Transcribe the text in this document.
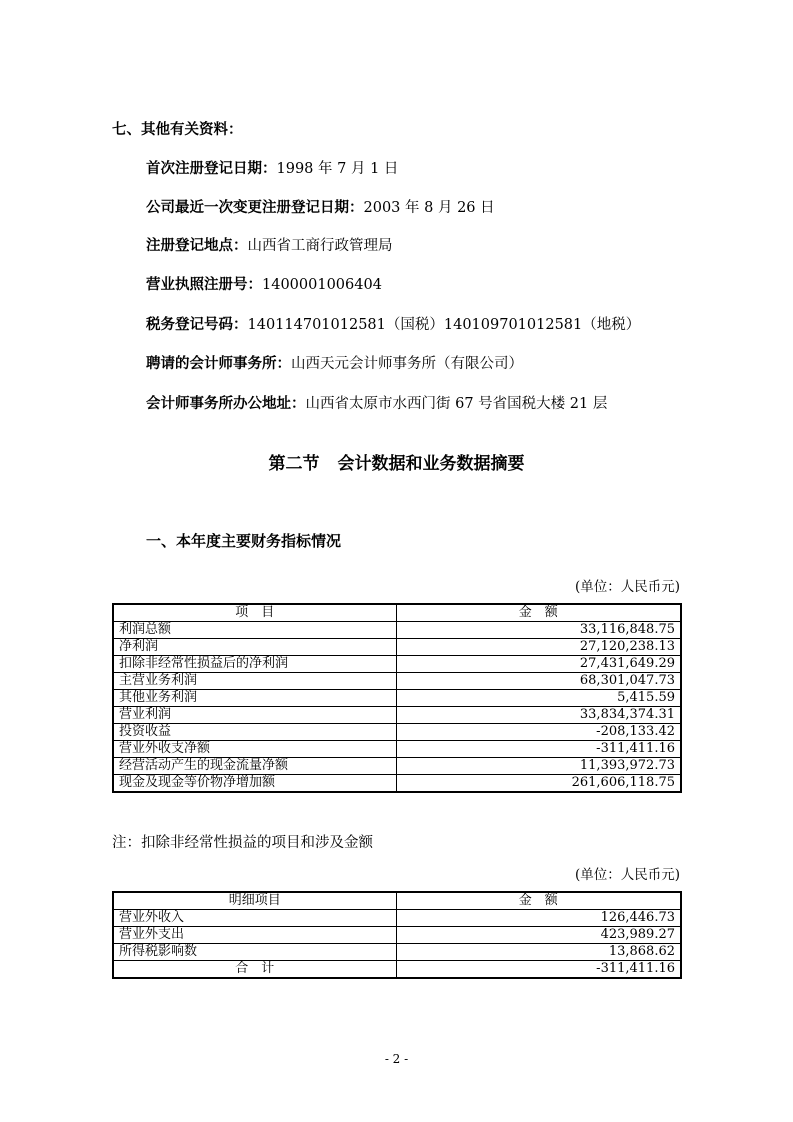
七、其他有关资料：
首次注册登记日期：1998 年 7 月 1 日
公司最近一次变更注册登记日期：2003 年 8 月 26 日
注册登记地点：山西省工商行政管理局
营业执照注册号：1400001006404
税务登记号码：140114701012581（国税）140109701012581（地税）
聘请的会计师事务所：山西天元会计师事务所（有限公司）
会计师事务所办公地址：山西省太原市水西门街 67 号省国税大楼 21 层
第二节 会计数据和业务数据摘要
一、本年度主要财务指标情况
(单位：人民币元)
项　目	金　额
利润总额	33,116,848.75
净利润	27,120,238.13
扣除非经常性损益后的净利润	27,431,649.29
主营业务利润	68,301,047.73
其他业务利润	5,415.59
营业利润	33,834,374.31
投资收益	-208,133.42
营业外收支净额	-311,411.16
经营活动产生的现金流量净额	11,393,972.73
现金及现金等价物净增加额	261,606,118.75
注：扣除非经常性损益的项目和涉及金额
(单位：人民币元)
明细项目	金　额
营业外收入	126,446.73
营业外支出	423,989.27
所得税影响数	13,868.62
合　计	-311,411.16
- 2 -
